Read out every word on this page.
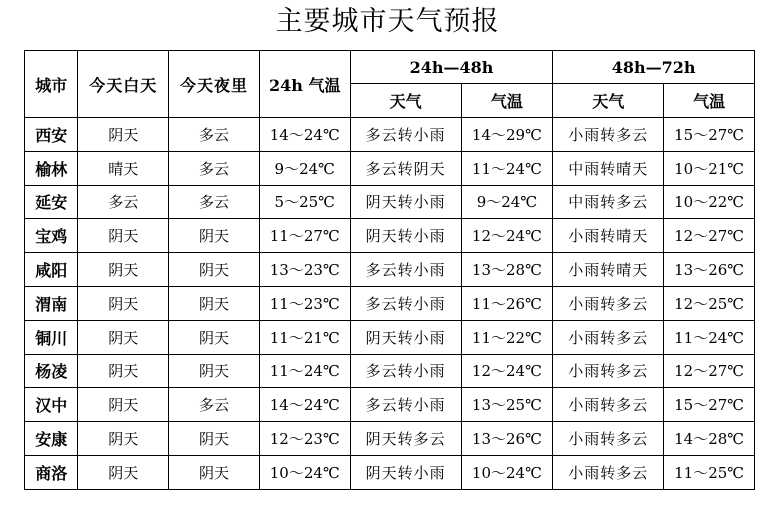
主要城市天气预报
城市	今天白天	今天夜里	24h 气温	24h—48h		48h—72h	
				天气	气温	天气	气温
西安	阴天	多云	14～24℃	多云转小雨	14～29℃	小雨转多云	15～27℃
榆林	晴天	多云	9～24℃	多云转阴天	11～24℃	中雨转晴天	10～21℃
延安	多云	多云	5～25℃	阴天转小雨	9～24℃	中雨转多云	10～22℃
宝鸡	阴天	阴天	11～27℃	阴天转小雨	12～24℃	小雨转晴天	12～27℃
咸阳	阴天	阴天	13～23℃	多云转小雨	13～28℃	小雨转晴天	13～26℃
渭南	阴天	阴天	11～23℃	多云转小雨	11～26℃	小雨转多云	12～25℃
铜川	阴天	阴天	11～21℃	阴天转小雨	11～22℃	小雨转多云	11～24℃
杨凌	阴天	阴天	11～24℃	多云转小雨	12～24℃	小雨转多云	12～27℃
汉中	阴天	多云	14～24℃	多云转小雨	13～25℃	小雨转多云	15～27℃
安康	阴天	阴天	12～23℃	阴天转多云	13～26℃	小雨转多云	14～28℃
商洛	阴天	阴天	10～24℃	阴天转小雨	10～24℃	小雨转多云	11～25℃
